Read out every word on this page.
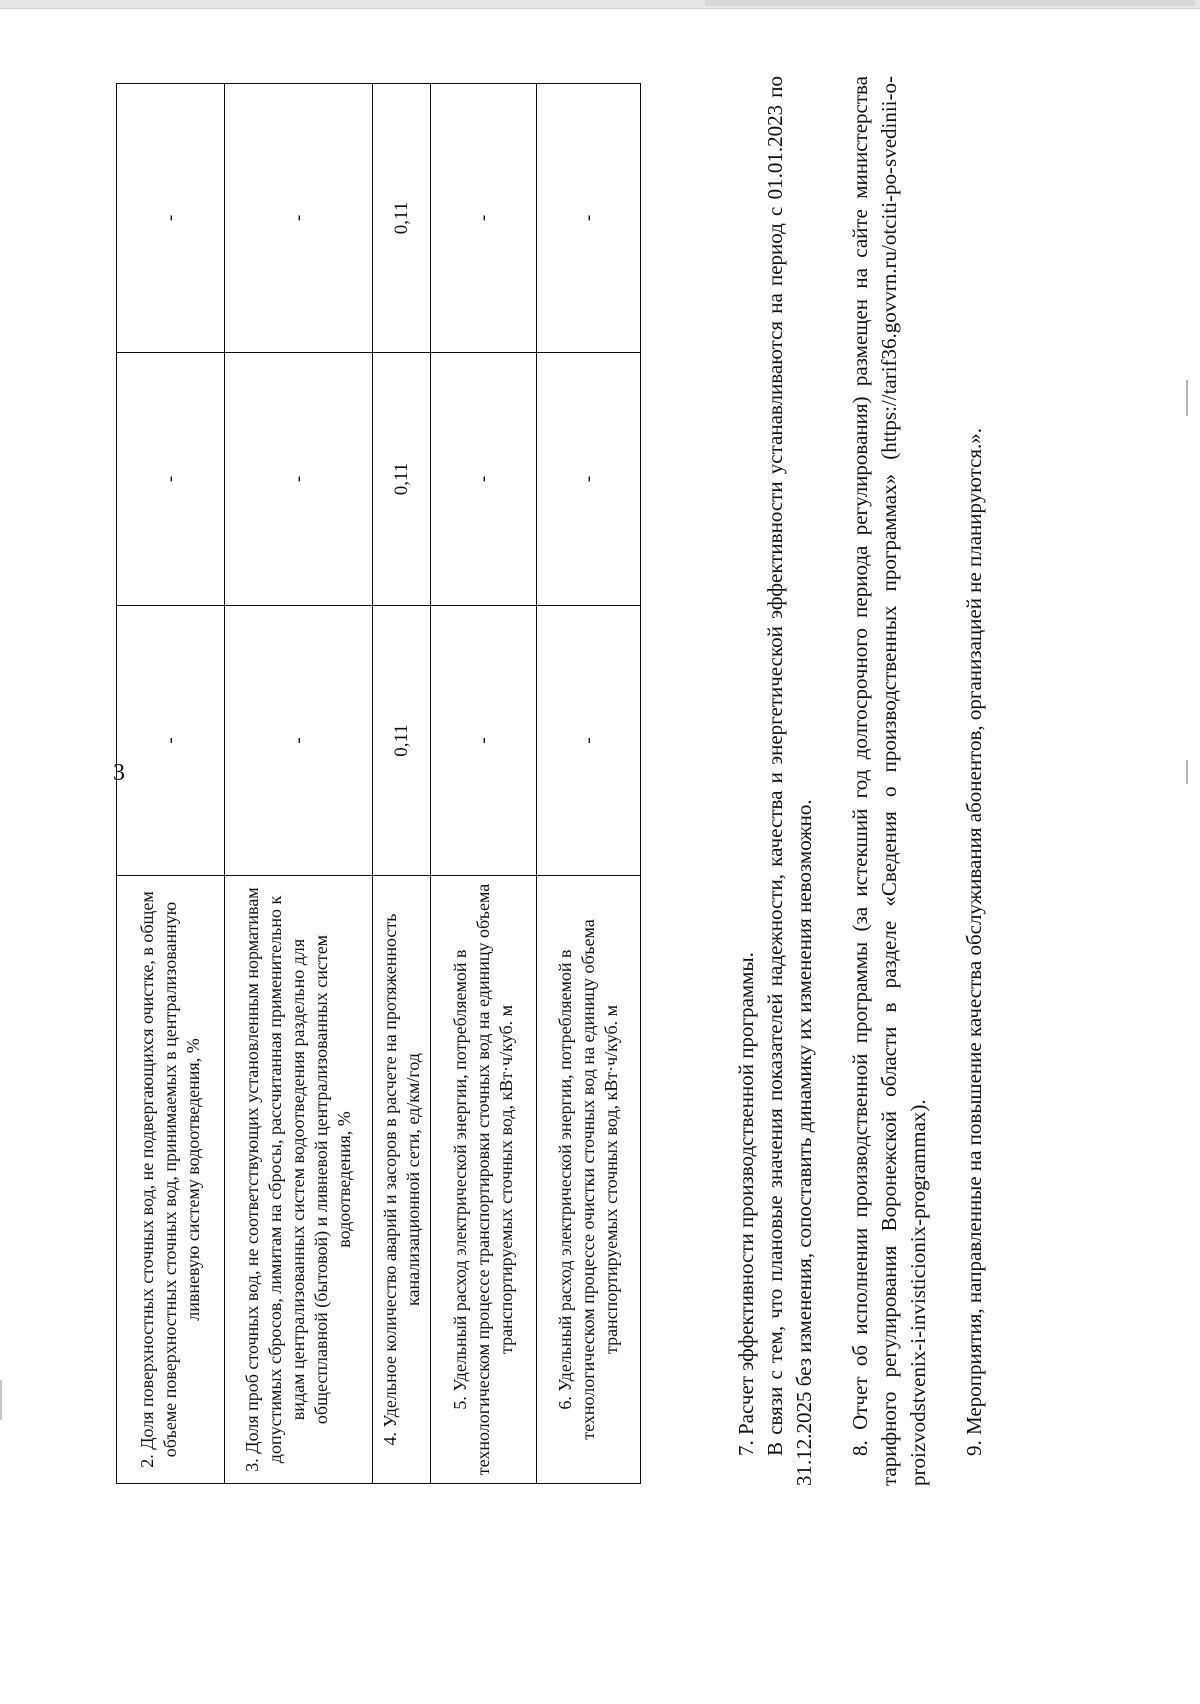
3
2. Доля поверхностных сточных вод, не подвергающихся очистке, в общем объеме поверхностных сточных вод, принимаемых в централизованную ливневую систему водоотведения, %	-	-	-
3. Доля проб сточных вод, не соответствующих установленным нормативам допустимых сбросов, лимитам на сбросы, рассчитанная применительно к видам централизованных систем водоотведения раздельно для общесплавной (бытовой) и ливневой централизованных систем водоотведения, %	-	-	-
4. Удельное количество аварий и засоров в расчете на протяженность канализационной сети, ед/км/год	0,11	0,11	0,11
5. Удельный расход электрической энергии, потребляемой в технологическом процессе транспортировки сточных вод на единицу объема транспортируемых сточных вод, кВт·ч/куб. м	-	-	-
6. Удельный расход электрической энергии, потребляемой в технологическом процессе очистки сточных вод на единицу объема транспортируемых сточных вод, кВт·ч/куб. м	-	-	-

7. Расчет эффективности производственной программы. В связи с тем, что плановые значения показателей надежности, качества и энергетической эффективности устанавливаются на период с 01.01.2023 по 31.12.2025 без изменения, сопоставить динамику их изменения невозможно. 8. Отчет об исполнении производственной программы (за истекший год долгосрочного периода регулирования) размещен на сайте министерства тарифного регулирования Воронежской области в разделе «Сведения о производственных программах» (https://tarif36.govvrn.ru/otciti-po-svedinii-o-proizvodstvenix-i-invisticionix-programmax). 9. Мероприятия, направленные на повышение качества обслуживания абонентов, организацией не планируются.».
